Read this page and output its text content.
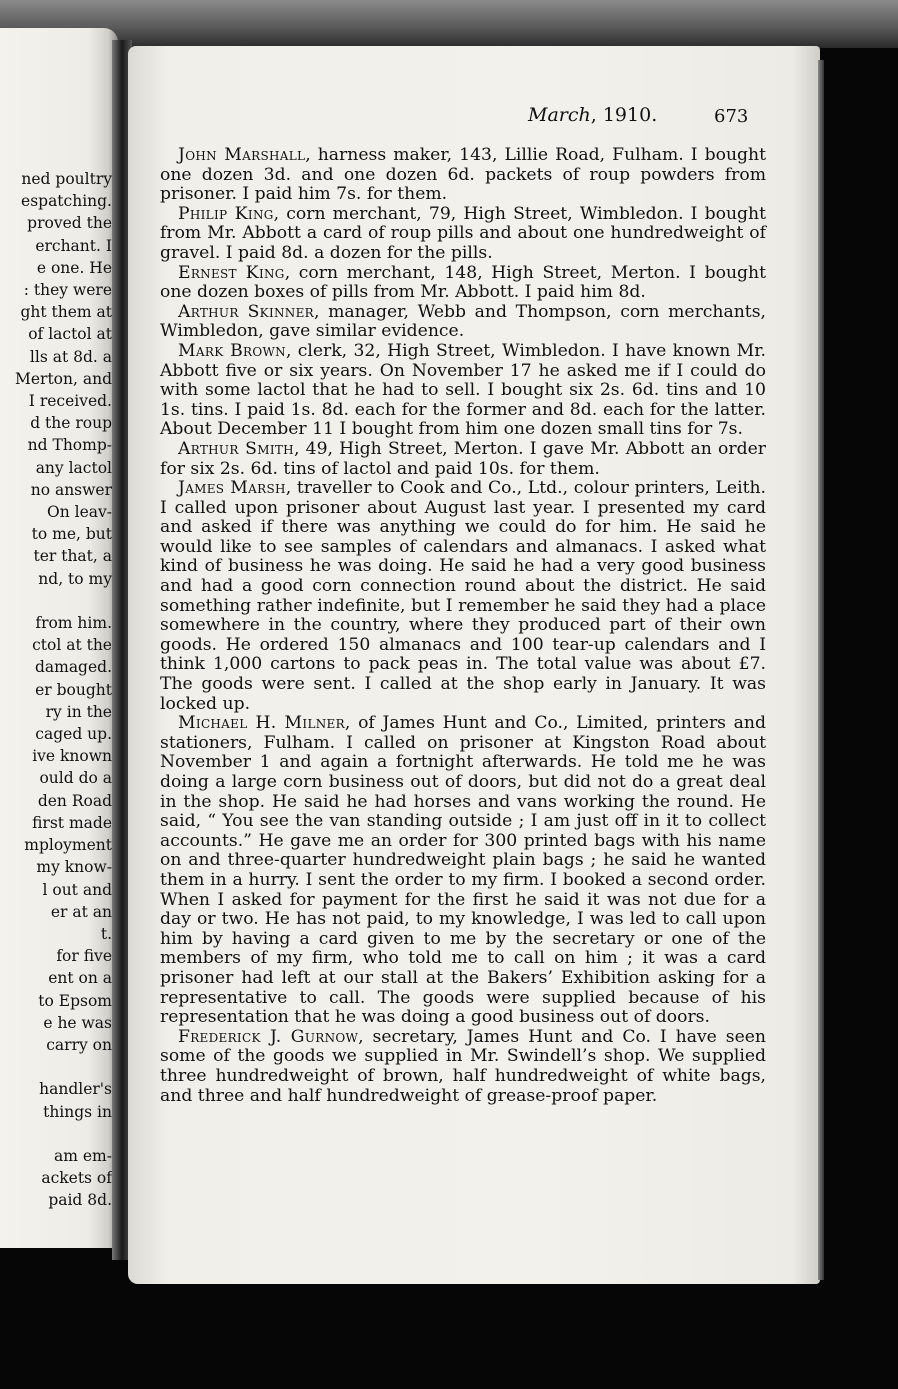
ned poultry
espatching.
proved the
erchant. I
e one. He
: they were
ght them at
of lactol at
lls at 8d. a
Merton, and
I received.
d the roup
nd Thomp-
any lactol
no answer
On leav-
to me, but
ter that, a
nd, to my

from him.
ctol at the
damaged.
er bought
ry in the
caged up.
ive known
ould do a
den Road
first made
mployment
my know-
l out and
er at an
t.
for five
ent on a
to Epsom
e he was
carry on

handler's
things in

am em-
ackets of
paid 8d.
March, 1910.	673

John Marshall, harness maker, 143, Lillie Road, Fulham. I bought one dozen 3d. and one dozen 6d. packets of roup powders from prisoner. I paid him 7s. for them.

Philip King, corn merchant, 79, High Street, Wimbledon. I bought from Mr. Abbott a card of roup pills and about one hundredweight of gravel. I paid 8d. a dozen for the pills.

Ernest King, corn merchant, 148, High Street, Merton. I bought one dozen boxes of pills from Mr. Abbott. I paid him 8d.

Arthur Skinner, manager, Webb and Thompson, corn merchants, Wimbledon, gave similar evidence.

Mark Brown, clerk, 32, High Street, Wimbledon. I have known Mr. Abbott five or six years. On November 17 he asked me if I could do with some lactol that he had to sell. I bought six 2s. 6d. tins and 10 1s. tins. I paid 1s. 8d. each for the former and 8d. each for the latter. About December 11 I bought from him one dozen small tins for 7s.

Arthur Smith, 49, High Street, Merton. I gave Mr. Abbott an order for six 2s. 6d. tins of lactol and paid 10s. for them.

James Marsh, traveller to Cook and Co., Ltd., colour printers, Leith. I called upon prisoner about August last year. I presented my card and asked if there was anything we could do for him. He said he would like to see samples of calendars and almanacs. I asked what kind of business he was doing. He said he had a very good business and had a good corn connection round about the district. He said something rather indefinite, but I remember he said they had a place somewhere in the country, where they produced part of their own goods. He ordered 150 almanacs and 100 tear-up calendars and I think 1,000 cartons to pack peas in. The total value was about £7. The goods were sent. I called at the shop early in January. It was locked up.

Michael H. Milner, of James Hunt and Co., Limited, printers and stationers, Fulham. I called on prisoner at Kingston Road about November 1 and again a fortnight afterwards. He told me he was doing a large corn business out of doors, but did not do a great deal in the shop. He said he had horses and vans working the round. He said, “ You see the van standing outside ; I am just off in it to collect accounts.” He gave me an order for 300 printed bags with his name on and three-quarter hundredweight plain bags ; he said he wanted them in a hurry. I sent the order to my firm. I booked a second order. When I asked for payment for the first he said it was not due for a day or two. He has not paid, to my knowledge, I was led to call upon him by having a card given to me by the secretary or one of the members of my firm, who told me to call on him ; it was a card prisoner had left at our stall at the Bakers’ Exhibition asking for a representative to call. The goods were supplied because of his representation that he was doing a good business out of doors.

Frederick J. Gurnow, secretary, James Hunt and Co. I have seen some of the goods we supplied in Mr. Swindell’s shop. We supplied three hundredweight of brown, half hundredweight of white bags, and three and half hundredweight of grease-proof paper.
